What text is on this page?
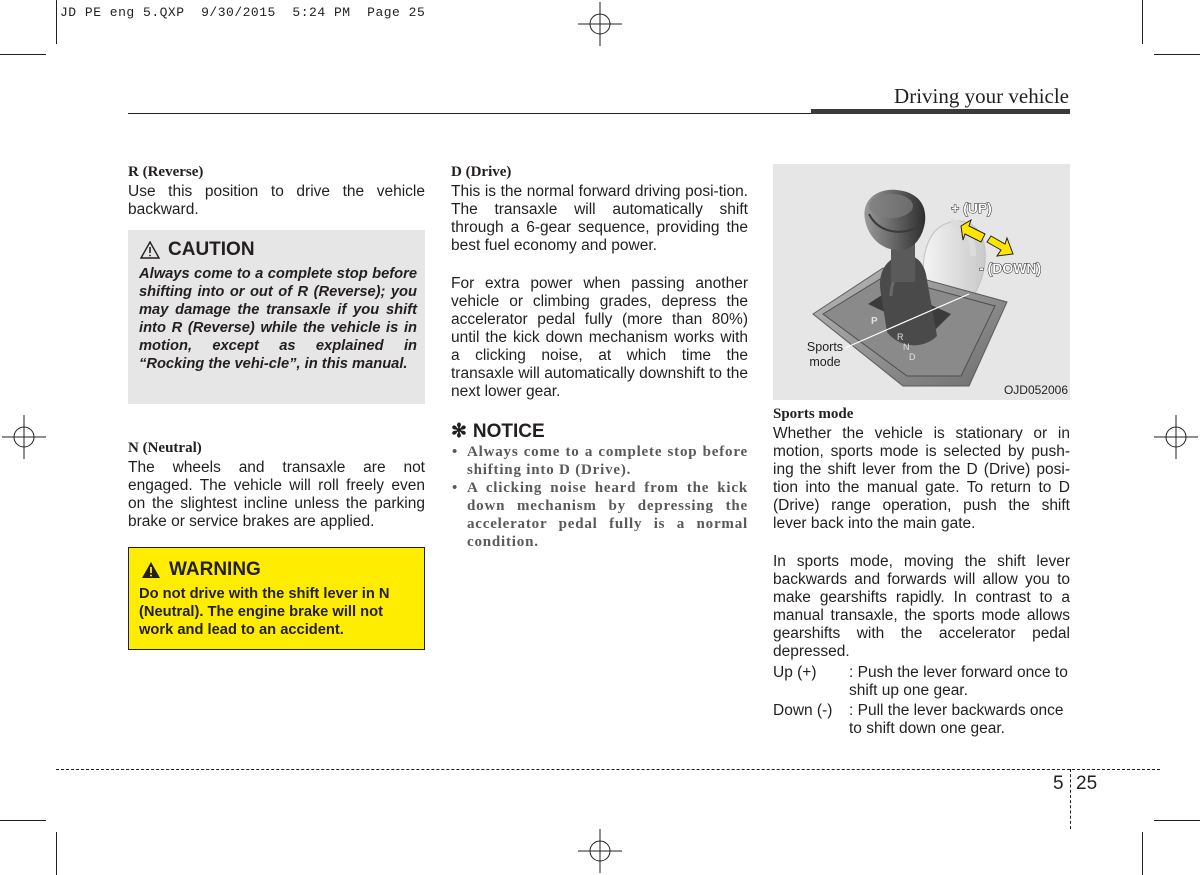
JD PE eng 5.QXP  9/30/2015  5:24 PM  Page 25
Driving your vehicle

R (Reverse)

Use this position to drive the vehicle backward.

CAUTION
Always come to a complete stop before shifting into or out of R (Reverse); you may damage the transaxle if you shift into R (Reverse) while the vehicle is in motion, except as explained in “Rocking the vehi-cle”, in this manual.

N (Neutral)

The wheels and transaxle are not engaged. The vehicle will roll freely even on the slightest incline unless the parking brake or service brakes are applied.

WARNING
Do not drive with the shift lever in N (Neutral). The engine brake will not work and lead to an accident.

D (Drive)

This is the normal forward driving posi-tion. The transaxle will automatically shift through a 6-gear sequence, providing the best fuel economy and power.

For extra power when passing another vehicle or climbing grades, depress the accelerator pedal fully (more than 80%) until the kick down mechanism works with a clicking noise, at which time the transaxle will automatically downshift to the next lower gear.

✻ NOTICE
• Always come to a complete stop before shifting into D (Drive).
• A clicking noise heard from the kick down mechanism by depressing the accelerator pedal fully is a normal condition.
P
R
N
D
+ (UP)
- (DOWN)
Sports
mode
OJD052006

Sports mode

Whether the vehicle is stationary or in motion, sports mode is selected by push-ing the shift lever from the D (Drive) posi-tion into the manual gate. To return to D (Drive) range operation, push the shift lever back into the main gate.

In sports mode, moving the shift lever backwards and forwards will allow you to make gearshifts rapidly. In contrast to a manual transaxle, the sports mode allows gearshifts with the accelerator pedal depressed.

Up (+)	: Push the lever forward once to shift up one gear.
Down (-)	: Pull the lever backwards once to shift down one gear.
5 25
